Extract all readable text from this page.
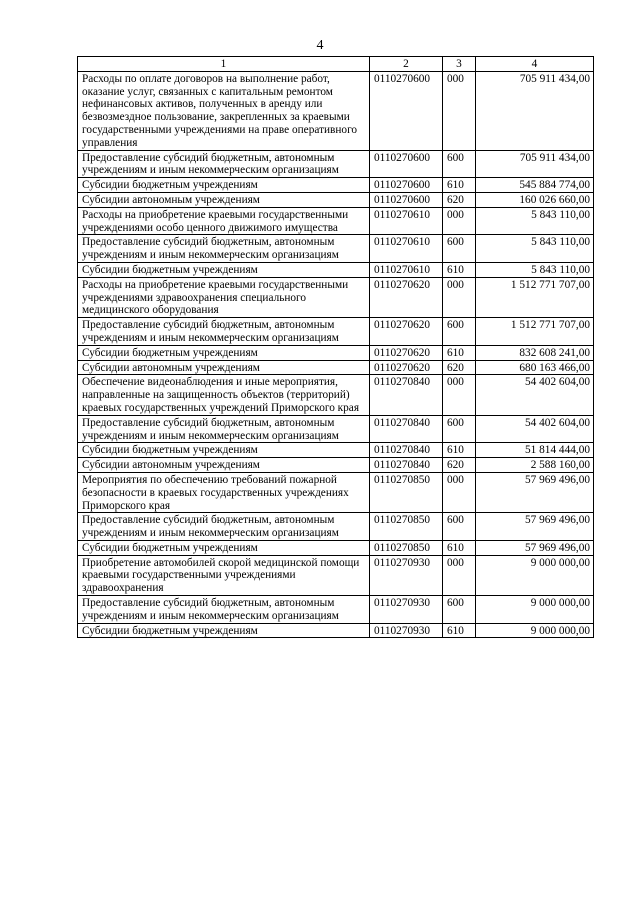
4
1	2	3	4
Расходы по оплате договоров на выполнение работ, оказание услуг, связанных с капитальным ремонтом нефинансовых активов, полученных в аренду или безвозмездное пользование, закрепленных за краевыми государственными учреждениями на праве оперативного управления	0110270600	000	705 911 434,00
Предоставление субсидий бюджетным, автономным учреждениям и иным некоммерческим организациям	0110270600	600	705 911 434,00
Субсидии бюджетным учреждениям	0110270600	610	545 884 774,00
Субсидии автономным учреждениям	0110270600	620	160 026 660,00
Расходы на приобретение краевыми государственными учреждениями особо ценного движимого имущества	0110270610	000	5 843 110,00
Предоставление субсидий бюджетным, автономным учреждениям и иным некоммерческим организациям	0110270610	600	5 843 110,00
Субсидии бюджетным учреждениям	0110270610	610	5 843 110,00
Расходы на приобретение краевыми государственными учреждениями здравоохранения специального медицинского оборудования	0110270620	000	1 512 771 707,00
Предоставление субсидий бюджетным, автономным учреждениям и иным некоммерческим организациям	0110270620	600	1 512 771 707,00
Субсидии бюджетным учреждениям	0110270620	610	832 608 241,00
Субсидии автономным учреждениям	0110270620	620	680 163 466,00
Обеспечение видеонаблюдения и иные мероприятия, направленные на защищенность объектов (территорий) краевых государственных учреждений Приморского края	0110270840	000	54 402 604,00
Предоставление субсидий бюджетным, автономным учреждениям и иным некоммерческим организациям	0110270840	600	54 402 604,00
Субсидии бюджетным учреждениям	0110270840	610	51 814 444,00
Субсидии автономным учреждениям	0110270840	620	2 588 160,00
Мероприятия по обеспечению требований пожарной безопасности в краевых государственных учреждениях Приморского края	0110270850	000	57 969 496,00
Предоставление субсидий бюджетным, автономным учреждениям и иным некоммерческим организациям	0110270850	600	57 969 496,00
Субсидии бюджетным учреждениям	0110270850	610	57 969 496,00
Приобретение автомобилей скорой медицинской помощи краевыми государственными учреждениями здравоохранения	0110270930	000	9 000 000,00
Предоставление субсидий бюджетным, автономным учреждениям и иным некоммерческим организациям	0110270930	600	9 000 000,00
Субсидии бюджетным учреждениям	0110270930	610	9 000 000,00
